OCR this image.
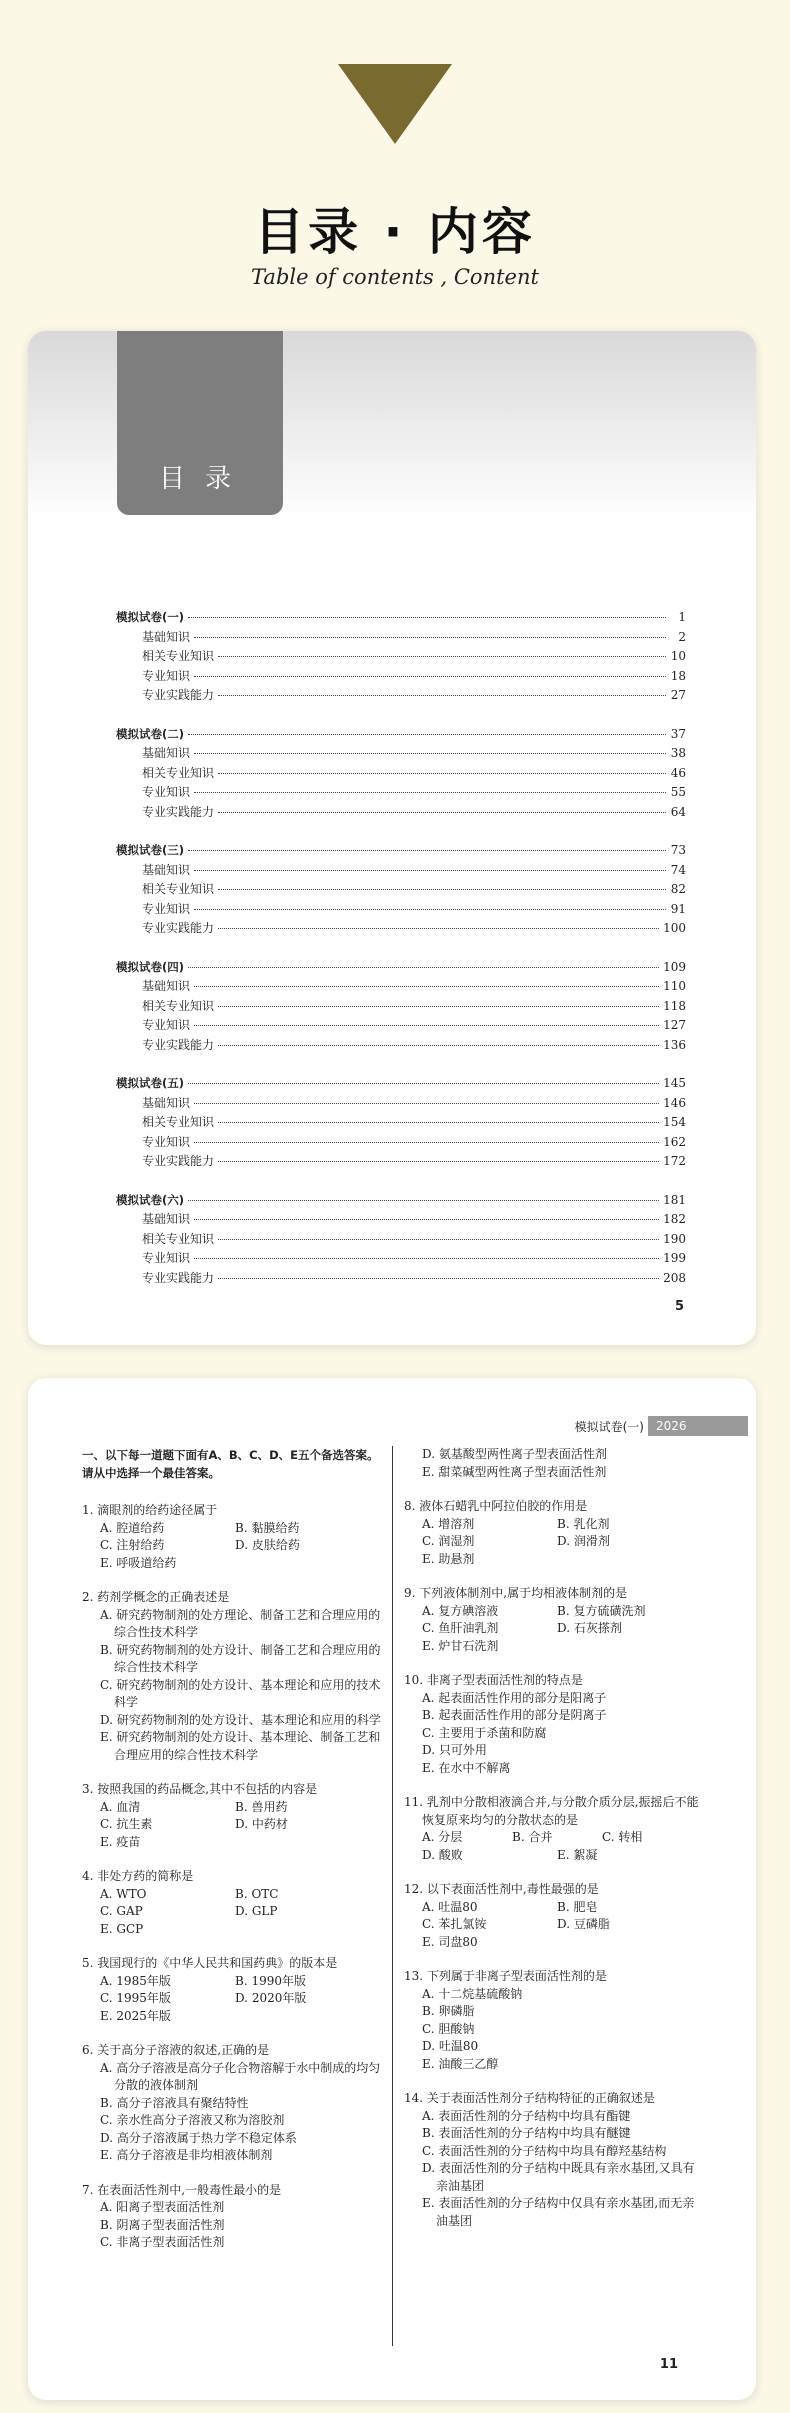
目录 · 内容
Table of contents , Content
目录
模拟试卷(一)	1
基础知识	2
相关专业知识	10
专业知识	18
专业实践能力	27
模拟试卷(二)	37
基础知识	38
相关专业知识	46
专业知识	55
专业实践能力	64
模拟试卷(三)	73
基础知识	74
相关专业知识	82
专业知识	91
专业实践能力	100
模拟试卷(四)	109
基础知识	110
相关专业知识	118
专业知识	127
专业实践能力	136
模拟试卷(五)	145
基础知识	146
相关专业知识	154
专业知识	162
专业实践能力	172
模拟试卷(六)	181
基础知识	182
相关专业知识	190
专业知识	199
专业实践能力	208
5
模拟试卷(一)	2026
一、以下每一道题下面有A、B、C、D、E五个备选答案。请从中选择一个最佳答案。
1. 滴眼剂的给药途径属于
A. 腔道给药	B. 黏膜给药
C. 注射给药	D. 皮肤给药
E. 呼吸道给药
2. 药剂学概念的正确表述是
A. 研究药物制剂的处方理论、制备工艺和合理应用的综合性技术科学
B. 研究药物制剂的处方设计、制备工艺和合理应用的综合性技术科学
C. 研究药物制剂的处方设计、基本理论和应用的技术科学
D. 研究药物制剂的处方设计、基本理论和应用的科学
E. 研究药物制剂的处方设计、基本理论、制备工艺和合理应用的综合性技术科学
3. 按照我国的药品概念,其中不包括的内容是
A. 血清	B. 兽用药
C. 抗生素	D. 中药材
E. 疫苗
4. 非处方药的简称是
A. WTO	B. OTC
C. GAP	D. GLP
E. GCP
5. 我国现行的《中华人民共和国药典》的版本是
A. 1985年版	B. 1990年版
C. 1995年版	D. 2020年版
E. 2025年版
6. 关于高分子溶液的叙述,正确的是
A. 高分子溶液是高分子化合物溶解于水中制成的均匀分散的液体制剂
B. 高分子溶液具有聚结特性
C. 亲水性高分子溶液又称为溶胶剂
D. 高分子溶液属于热力学不稳定体系
E. 高分子溶液是非均相液体制剂
7. 在表面活性剂中,一般毒性最小的是
A. 阳离子型表面活性剂
B. 阴离子型表面活性剂
C. 非离子型表面活性剂
D. 氨基酸型两性离子型表面活性剂
E. 甜菜碱型两性离子型表面活性剂
8. 液体石蜡乳中阿拉伯胶的作用是
A. 增溶剂	B. 乳化剂
C. 润湿剂	D. 润滑剂
E. 助悬剂
9. 下列液体制剂中,属于均相液体制剂的是
A. 复方碘溶液	B. 复方硫磺洗剂
C. 鱼肝油乳剂	D. 石灰搽剂
E. 炉甘石洗剂
10. 非离子型表面活性剂的特点是
A. 起表面活性作用的部分是阳离子
B. 起表面活性作用的部分是阴离子
C. 主要用于杀菌和防腐
D. 只可外用
E. 在水中不解离
11. 乳剂中分散相液滴合并,与分散介质分层,振摇后不能恢复原来均匀的分散状态的是
A. 分层	B. 合并	C. 转相
D. 酸败	E. 絮凝
12. 以下表面活性剂中,毒性最强的是
A. 吐温80	B. 肥皂
C. 苯扎氯铵	D. 豆磷脂
E. 司盘80
13. 下列属于非离子型表面活性剂的是
A. 十二烷基硫酸钠
B. 卵磷脂
C. 胆酸钠
D. 吐温80
E. 油酸三乙醇
14. 关于表面活性剂分子结构特征的正确叙述是
A. 表面活性剂的分子结构中均具有酯键
B. 表面活性剂的分子结构中均具有醚键
C. 表面活性剂的分子结构中均具有醇羟基结构
D. 表面活性剂的分子结构中既具有亲水基团,又具有亲油基团
E. 表面活性剂的分子结构中仅具有亲水基团,而无亲油基团
11
